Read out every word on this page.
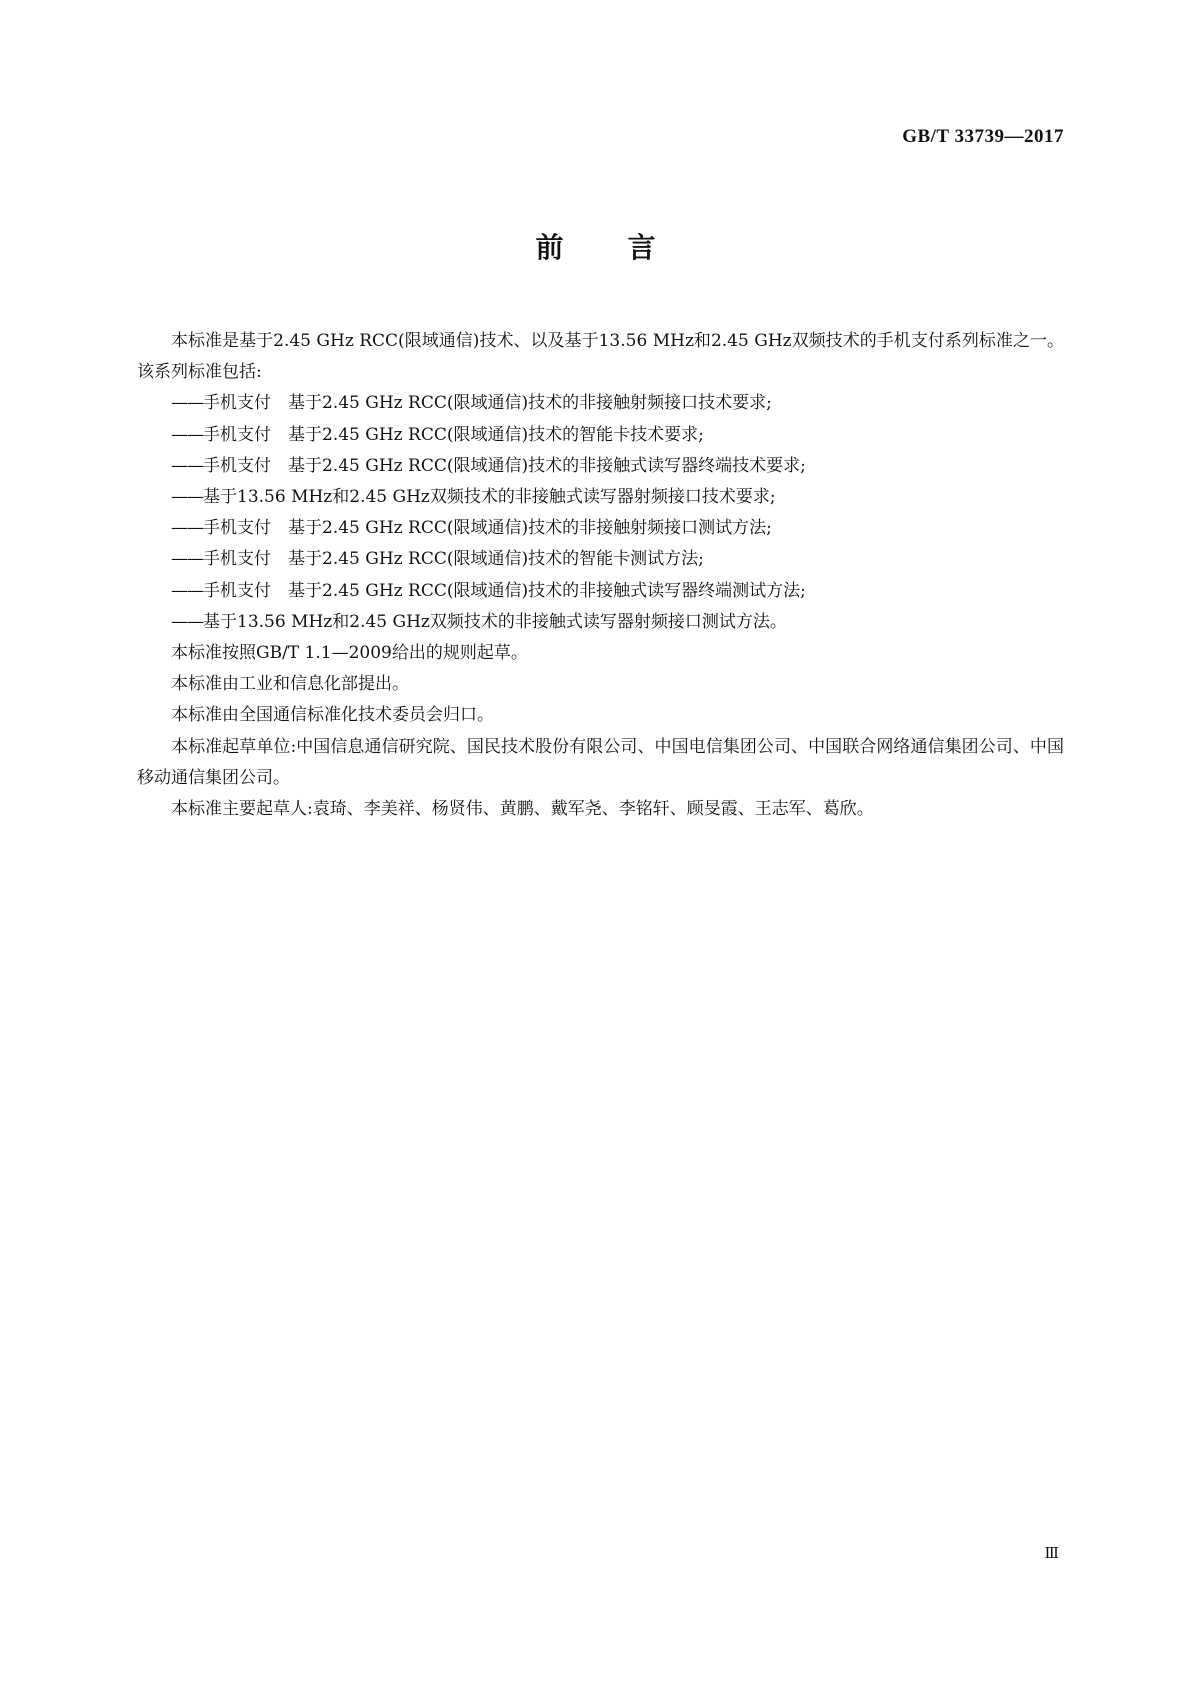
GB/T 33739—2017
前 言

本标准是基于2.45 GHz RCC(限域通信)技术、以及基于13.56 MHz和2.45 GHz双频技术的手机支付系列标准之一。该系列标准包括:

——手机支付 基于2.45 GHz RCC(限域通信)技术的非接触射频接口技术要求;

——手机支付 基于2.45 GHz RCC(限域通信)技术的智能卡技术要求;

——手机支付 基于2.45 GHz RCC(限域通信)技术的非接触式读写器终端技术要求;

——基于13.56 MHz和2.45 GHz双频技术的非接触式读写器射频接口技术要求;

——手机支付 基于2.45 GHz RCC(限域通信)技术的非接触射频接口测试方法;

——手机支付 基于2.45 GHz RCC(限域通信)技术的智能卡测试方法;

——手机支付 基于2.45 GHz RCC(限域通信)技术的非接触式读写器终端测试方法;

——基于13.56 MHz和2.45 GHz双频技术的非接触式读写器射频接口测试方法。

本标准按照GB/T 1.1—2009给出的规则起草。

本标准由工业和信息化部提出。

本标准由全国通信标准化技术委员会归口。

本标准起草单位:中国信息通信研究院、国民技术股份有限公司、中国电信集团公司、中国联合网络通信集团公司、中国移动通信集团公司。

本标准主要起草人:袁琦、李美祥、杨贤伟、黄鹏、戴军尧、李铭轩、顾旻霞、王志军、葛欣。

Ⅲ
